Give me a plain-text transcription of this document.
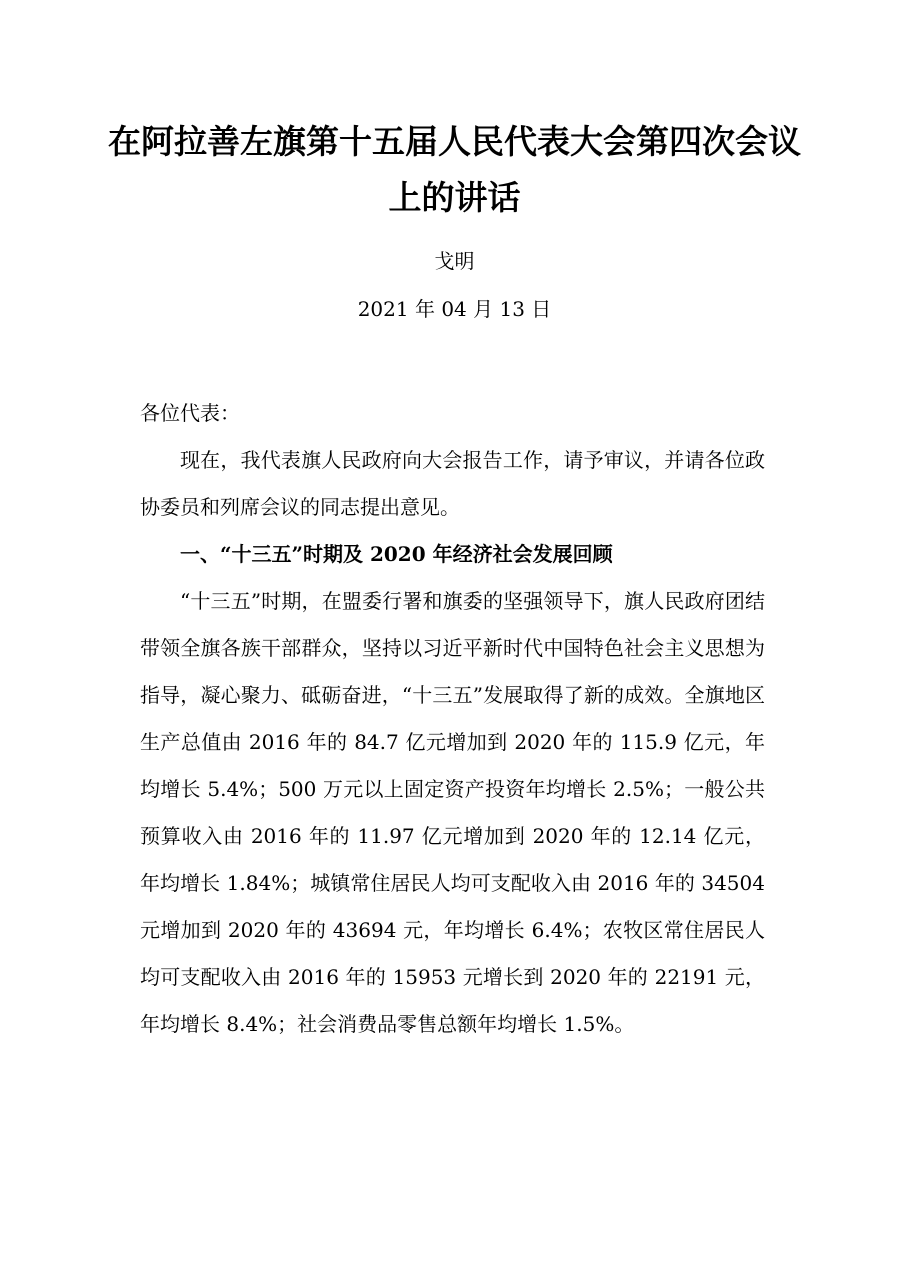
在阿拉善左旗第十五届人民代表大会第四次会议上的讲话
戈明
2021 年 04 月 13 日

各位代表：

现在，我代表旗人民政府向大会报告工作，请予审议，并请各位政协委员和列席会议的同志提出意见。

一、“十三五”时期及 2020 年经济社会发展回顾

“十三五”时期，在盟委行署和旗委的坚强领导下，旗人民政府团结带领全旗各族干部群众，坚持以习近平新时代中国特色社会主义思想为指导，凝心聚力、砥砺奋进，“十三五”发展取得了新的成效。全旗地区生产总值由 2016 年的 84.7 亿元增加到 2020 年的 115.9 亿元，年均增长 5.4%；500 万元以上固定资产投资年均增长 2.5%；一般公共预算收入由 2016 年的 11.97 亿元增加到 2020 年的 12.14 亿元，年均增长 1.84%；城镇常住居民人均可支配收入由 2016 年的 34504 元增加到 2020 年的 43694 元，年均增长 6.4%；农牧区常住居民人均可支配收入由 2016 年的 15953 元增长到 2020 年的 22191 元，年均增长 8.4%；社会消费品零售总额年均增长 1.5%。
